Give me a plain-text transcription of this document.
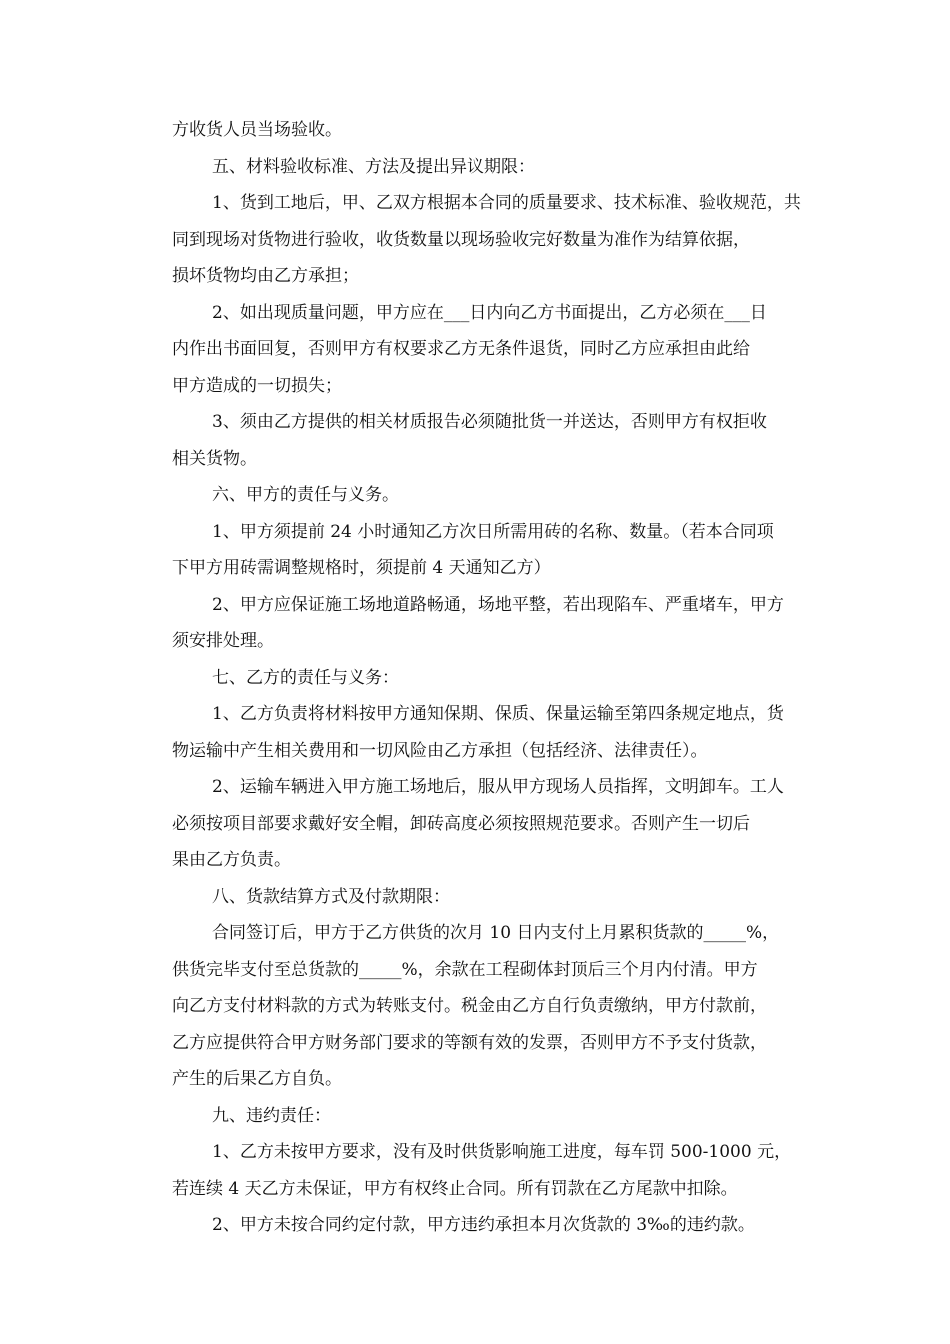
方收货人员当场验收。
五、材料验收标准、方法及提出异议期限：
1、货到工地后，甲、乙双方根据本合同的质量要求、技术标准、验收规范，共
同到现场对货物进行验收，收货数量以现场验收完好数量为准作为结算依据，
损坏货物均由乙方承担；
2、如出现质量问题，甲方应在___日内向乙方书面提出，乙方必须在___日
内作出书面回复，否则甲方有权要求乙方无条件退货，同时乙方应承担由此给
甲方造成的一切损失；
3、须由乙方提供的相关材质报告必须随批货一并送达，否则甲方有权拒收
相关货物。
六、甲方的责任与义务。
1、甲方须提前 24 小时通知乙方次日所需用砖的名称、数量。（若本合同项
下甲方用砖需调整规格时，须提前 4 天通知乙方）
2、甲方应保证施工场地道路畅通，场地平整，若出现陷车、严重堵车，甲方
须安排处理。
七、乙方的责任与义务：
1、乙方负责将材料按甲方通知保期、保质、保量运输至第四条规定地点，货
物运输中产生相关费用和一切风险由乙方承担（包括经济、法律责任）。
2、运输车辆进入甲方施工场地后，服从甲方现场人员指挥，文明卸车。工人
必须按项目部要求戴好安全帽，卸砖高度必须按照规范要求。否则产生一切后
果由乙方负责。
八、货款结算方式及付款期限：
合同签订后，甲方于乙方供货的次月 10 日内支付上月累积货款的_____%，
供货完毕支付至总货款的_____%，余款在工程砌体封顶后三个月内付清。甲方
向乙方支付材料款的方式为转账支付。税金由乙方自行负责缴纳，甲方付款前，
乙方应提供符合甲方财务部门要求的等额有效的发票，否则甲方不予支付货款，
产生的后果乙方自负。
九、违约责任：
1、乙方未按甲方要求，没有及时供货影响施工进度，每车罚 500-1000 元，
若连续 4 天乙方未保证，甲方有权终止合同。所有罚款在乙方尾款中扣除。
2、甲方未按合同约定付款，甲方违约承担本月次货款的 3‰的违约款。
